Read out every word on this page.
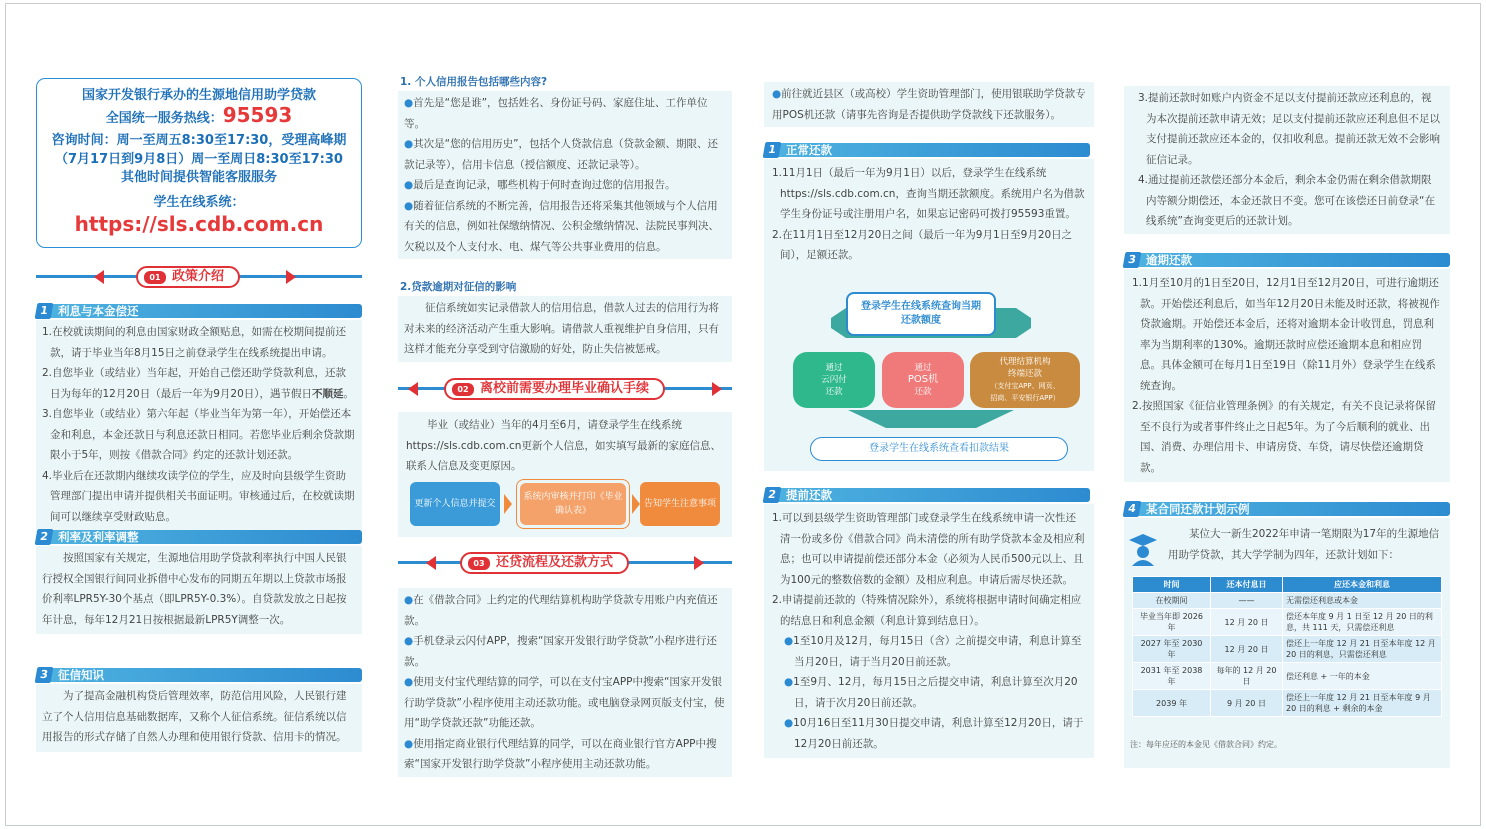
国家开发银行承办的生源地信用助学贷款
全国统一服务热线：95593
咨询时间：周一至周五8:30至17:30，受理高峰期
（7月17日到9月8日）周一至周日8:30至17:30
其他时间提供智能客服服务
学生在线系统：
https://sls.cdb.com.cn
01 政策介绍
1 利息与本金偿还
1.在校就读期间的利息由国家财政全额贴息，如需在校期间提前还款，请于毕业当年8月15日之前登录学生在线系统提出申请。
2.自您毕业（或结业）当年起，开始自己偿还助学贷款利息，还款日为每年的12月20日（最后一年为9月20日），遇节假日不顺延。
3.自您毕业（或结业）第六年起（毕业当年为第一年），开始偿还本金和利息，本金还款日与利息还款日相同。若您毕业后剩余贷款期限小于5年，则按《借款合同》约定的还款计划还款。
4.毕业后在还款期内继续攻读学位的学生，应及时向县级学生资助管理部门提出申请并提供相关书面证明。审核通过后，在校就读期间可以继续享受财政贴息。
2 利率及利率调整
按照国家有关规定，生源地信用助学贷款利率执行中国人民银行授权全国银行间同业拆借中心发布的同期五年期以上贷款市场报价利率LPR5Y-30个基点（即LPR5Y-0.3%）。自贷款发放之日起按年计息，每年12月21日按根据最新LPR5Y调整一次。
3 征信知识
为了提高金融机构贷后管理效率，防范信用风险，人民银行建立了个人信用信息基础数据库，又称个人征信系统。征信系统以信用报告的形式存储了自然人办理和使用银行贷款、信用卡的情况。
1. 个人信用报告包括哪些内容?
●首先是“您是谁”，包括姓名、身份证号码、家庭住址、工作单位等。
●其次是“您的信用历史”，包括个人贷款信息（贷款金额、期限、还款记录等），信用卡信息（授信额度、还款记录等）。
●最后是查询记录，哪些机构于何时查询过您的信用报告。
●随着征信系统的不断完善，信用报告还将采集其他领域与个人信用有关的信息，例如社保缴纳情况、公积金缴纳情况、法院民事判决、欠税以及个人支付水、电、煤气等公共事业费用的信息。
2.贷款逾期对征信的影响
征信系统如实记录借款人的信用信息，借款人过去的信用行为将对未来的经济活动产生重大影响。请借款人重视维护自身信用，只有这样才能充分享受到守信激励的好处，防止失信被惩戒。
02 离校前需要办理毕业确认手续
毕业（或结业）当年的4月至6月，请登录学生在线系统https://sls.cdb.com.cn更新个人信息，如实填写最新的家庭信息、联系人信息及变更原因。
更新个人信息并提交
系统内审核并打印《毕业确认表》
告知学生注意事项
03 还贷流程及还款方式
●在《借款合同》上约定的代理结算机构助学贷款专用账户内充值还款。
●手机登录云闪付APP，搜索“国家开发银行助学贷款”小程序进行还款。
●使用支付宝代理结算的同学，可以在支付宝APP中搜索“国家开发银行助学贷款”小程序使用主动还款功能。或电脑登录网页版支付宝，使用“助学贷款还款”功能还款。
●使用指定商业银行代理结算的同学，可以在商业银行官方APP中搜索“国家开发银行助学贷款”小程序使用主动还款功能。
●前往就近县区（或高校）学生资助管理部门，使用银联助学贷款专用POS机还款（请事先咨询是否提供助学贷款线下还款服务）。
1 正常还款
1.11月1日（最后一年为9月1日）以后，登录学生在线系统https://sls.cdb.com.cn，查询当期还款额度。系统用户名为借款学生身份证号或注册用户名，如果忘记密码可拨打95593重置。
2.在11月1日至12月20日之间（最后一年为9月1日至9月20日之间），足额还款。
登录学生在线系统查询当期还款额度
通过
云闪付
还款
通过
POS机
还款
代理结算机构
终端还款
（支付宝APP、网页、
招商、平安银行APP）
登录学生在线系统查看扣款结果
2 提前还款
1.可以到县级学生资助管理部门或登录学生在线系统申请一次性还清一份或多份《借款合同》尚未清偿的所有助学贷款本金及相应利息；也可以申请提前偿还部分本金（必须为人民币500元以上、且为100元的整数倍数的金额）及相应利息。申请后需尽快还款。
2.申请提前还款的（特殊情况除外），系统将根据申请时间确定相应的结息日和利息金额（利息计算到结息日）。
●1至10月及12月，每月15日（含）之前提交申请，利息计算至当月20日，请于当月20日前还款。
●1至9月、12月，每月15日之后提交申请，利息计算至次月20日，请于次月20日前还款。
●10月16日至11月30日提交申请，利息计算至12月20日，请于12月20日前还款。
3.提前还款时如账户内资金不足以支付提前还款应还利息的，视为本次提前还款申请无效；足以支付提前还款应还利息但不足以支付提前还款应还本金的，仅扣收利息。提前还款无效不会影响征信记录。
4.通过提前还款偿还部分本金后，剩余本金仍需在剩余借款期限内等额分期偿还，本金还款日不变。您可在该偿还日前登录“在线系统”查询变更后的还款计划。
3 逾期还款
1.1月至10月的1日至20日，12月1日至12月20日，可进行逾期还款。开始偿还利息后，如当年12月20日未能及时还款，将被视作贷款逾期。开始偿还本金后，还将对逾期本金计收罚息，罚息利率为当期利率的130%。逾期还款时应偿还逾期本息和相应罚息。具体金额可在每月1日至19日（除11月外）登录学生在线系统查询。
2.按照国家《征信业管理条例》的有关规定，有关不良记录将保留至不良行为或者事件终止之日起5年。为了今后顺利的就业、出国、消费、办理信用卡、申请房贷、车贷，请尽快偿还逾期贷款。
4 某合同还款计划示例
某位大一新生2022年申请一笔期限为17年的生源地信用助学贷款，其大学学制为四年，还款计划如下：
时间	还本付息日	应还本金和利息
在校期间	——	无需偿还利息或本金
毕业当年即 2026 年	12 月 20 日	偿还本年度 9 月 1 日至 12 月 20 日的利息，共 111 天，只需偿还利息
2027 年至 2030 年	12 月 20 日	偿还上一年度 12 月 21 日至本年度 12 月 20 日的利息，只需偿还利息
2031 年至 2038 年	每年的 12 月 20 日	偿还利息 + 一年的本金
2039 年	9 月 20 日	偿还上一年度 12 月 21 日至本年度 9 月 20 日的利息 + 剩余的本金
注：每年应还的本金见《借款合同》约定。
